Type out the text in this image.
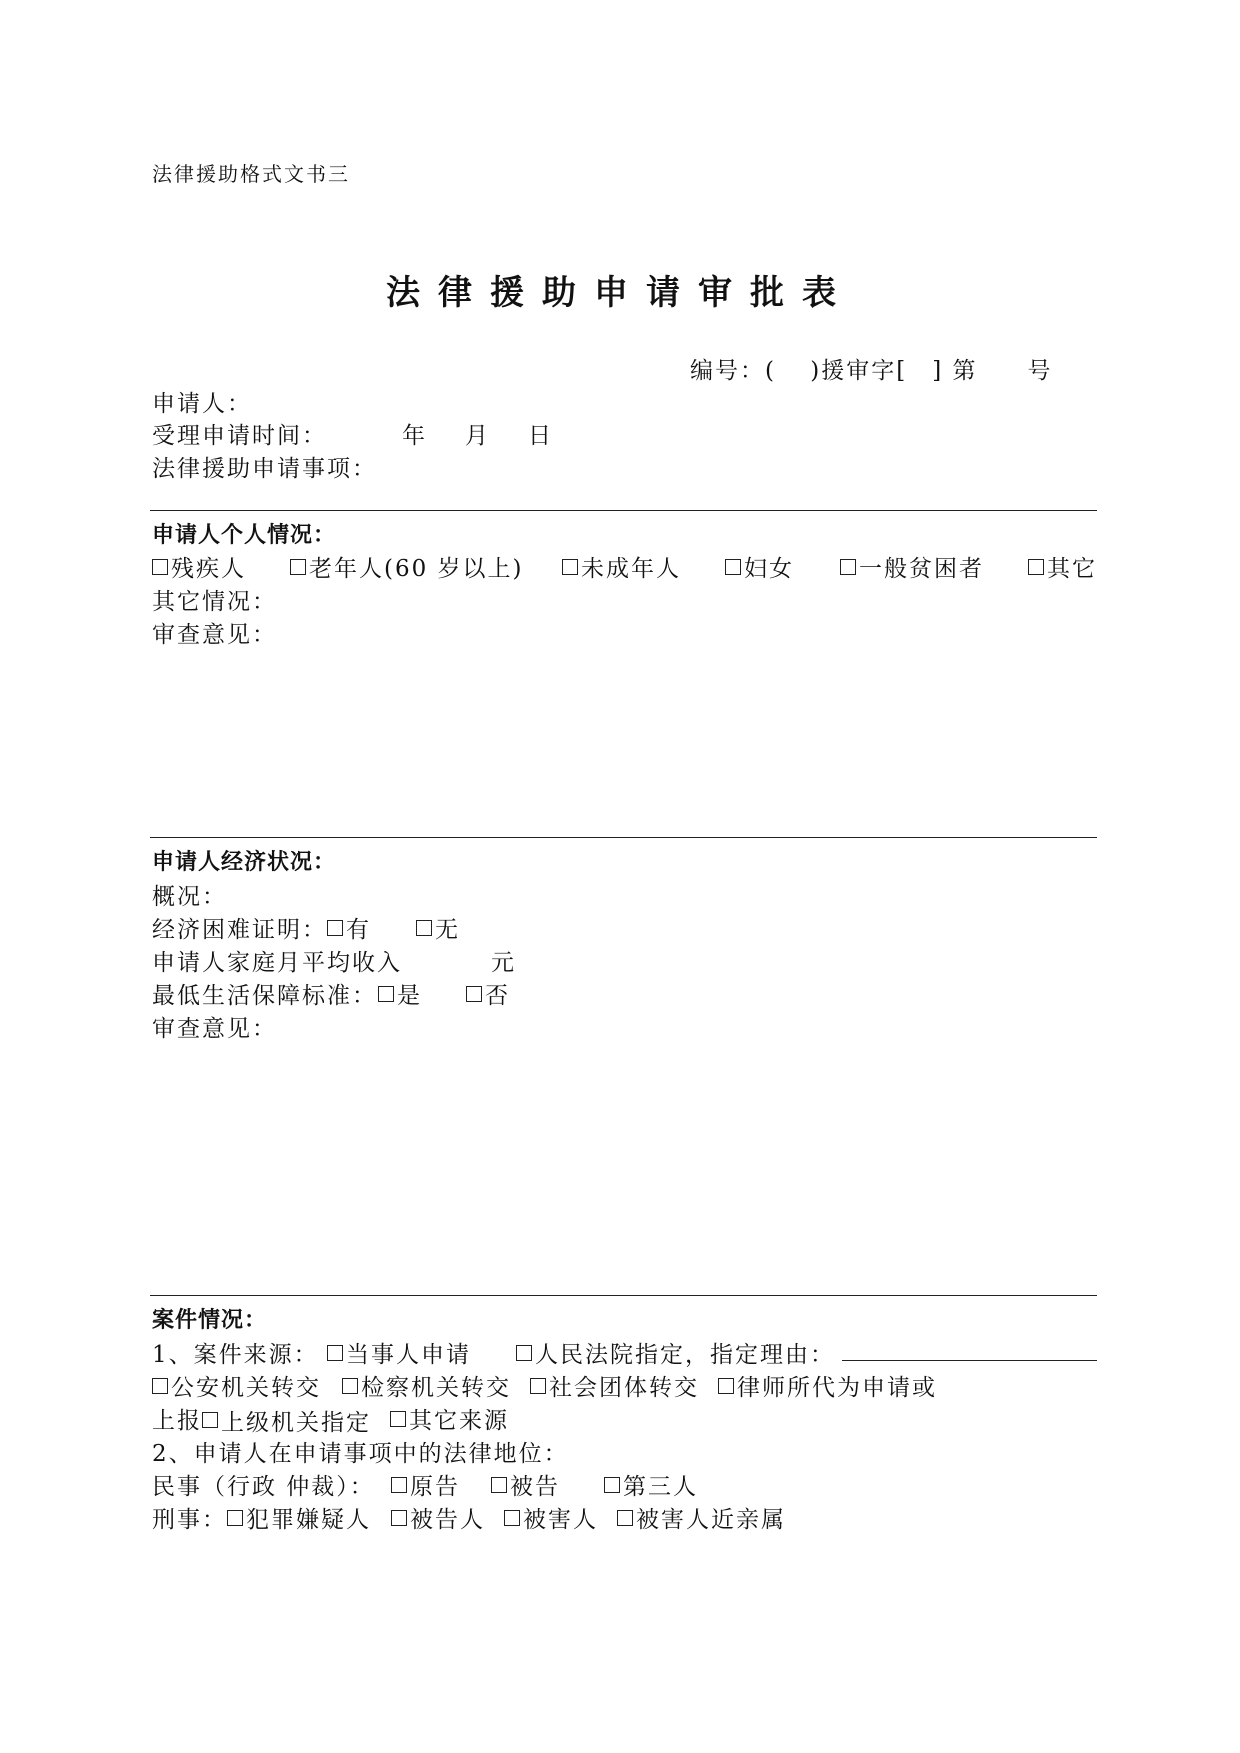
法律援助格式文书三
法律援助申请审批表
编号：(　 )援审字[　] 第　　号
申请人：
受理申请时间：	年 月 日
法律援助申请事项：
申请人个人情况：
残疾人	老年人(60 岁以上) 未成年人	妇女	一般贫困者	其它
其它情况：
审查意见：
申请人经济状况：
概况：
经济困难证明： 有	无
申请人家庭月平均收入	元
最低生活保障标准： 是	否
审查意见：
案件情况：
1、案件来源： 当事人申请	人民法院指定，指定理由：
公安机关转交 检察机关转交 社会团体转交 律师所代为申请或
上报 上级机关指定 其它来源
2、申请人在申请事项中的法律地位：
民事（行政 仲裁）： 原告 被告	第三人
刑事： 犯罪嫌疑人 被告人 被害人 被害人近亲属
